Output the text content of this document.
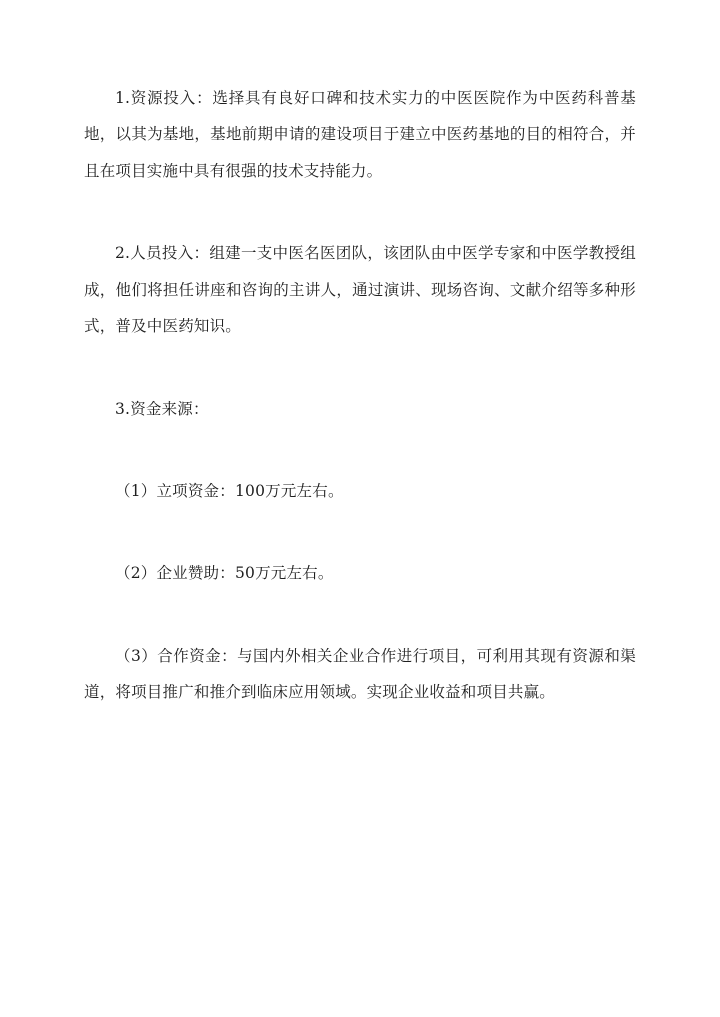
1.资源投入：选择具有良好口碑和技术实力的中医医院作为中医药科普基地，以其为基地，基地前期申请的建设项目于建立中医药基地的目的相符合，并且在项目实施中具有很强的技术支持能力。

2.人员投入：组建一支中医名医团队，该团队由中医学专家和中医学教授组成，他们将担任讲座和咨询的主讲人，通过演讲、现场咨询、文献介绍等多种形式，普及中医药知识。

3.资金来源：

（1）立项资金：100万元左右。

（2）企业赞助：50万元左右。

（3）合作资金：与国内外相关企业合作进行项目，可利用其现有资源和渠道，将项目推广和推介到临床应用领域。实现企业收益和项目共赢。
